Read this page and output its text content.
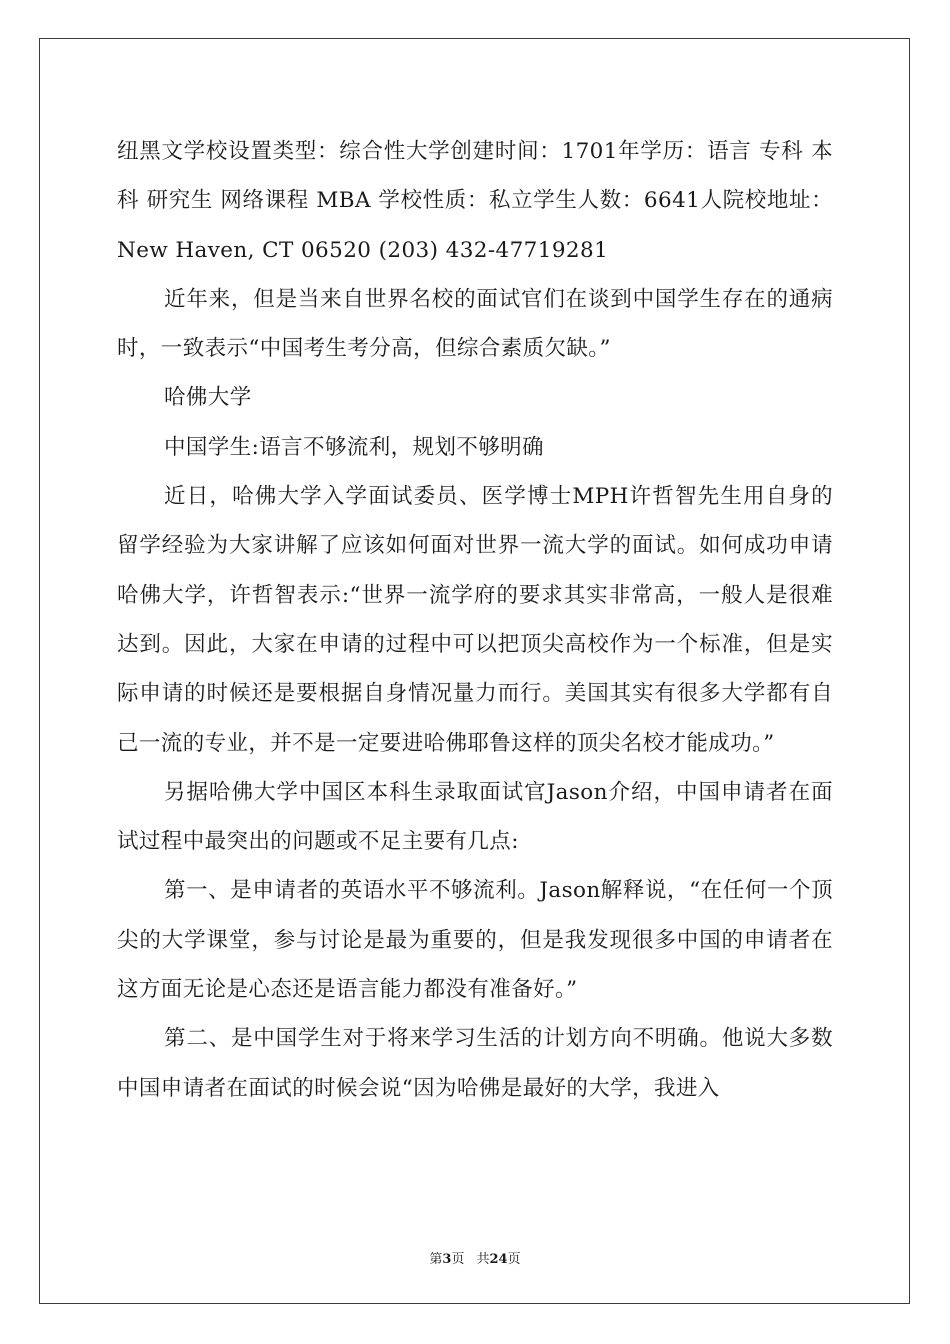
纽黑文学校设置类型：综合性大学创建时间：1701年学历：语言 专科 本科 研究生 网络课程 MBA 学校性质：私立学生人数：6641人院校地址：New Haven, CT 06520 (203) 432-47719281

近年来，但是当来自世界名校的面试官们在谈到中国学生存在的通病时，一致表示“中国考生考分高，但综合素质欠缺。”

哈佛大学

中国学生:语言不够流利，规划不够明确

近日，哈佛大学入学面试委员、医学博士MPH许哲智先生用自身的留学经验为大家讲解了应该如何面对世界一流大学的面试。如何成功申请哈佛大学，许哲智表示:“世界一流学府的要求其实非常高，一般人是很难达到。因此，大家在申请的过程中可以把顶尖高校作为一个标准，但是实际申请的时候还是要根据自身情况量力而行。美国其实有很多大学都有自己一流的专业，并不是一定要进哈佛耶鲁这样的顶尖名校才能成功。”

另据哈佛大学中国区本科生录取面试官Jason介绍，中国申请者在面试过程中最突出的问题或不足主要有几点:

第一、是申请者的英语水平不够流利。Jason解释说，“在任何一个顶尖的大学课堂，参与讨论是最为重要的，但是我发现很多中国的申请者在这方面无论是心态还是语言能力都没有准备好。”

第二、是中国学生对于将来学习生活的计划方向不明确。他说大多数中国申请者在面试的时候会说“因为哈佛是最好的大学，我进入

第3页 共24页
